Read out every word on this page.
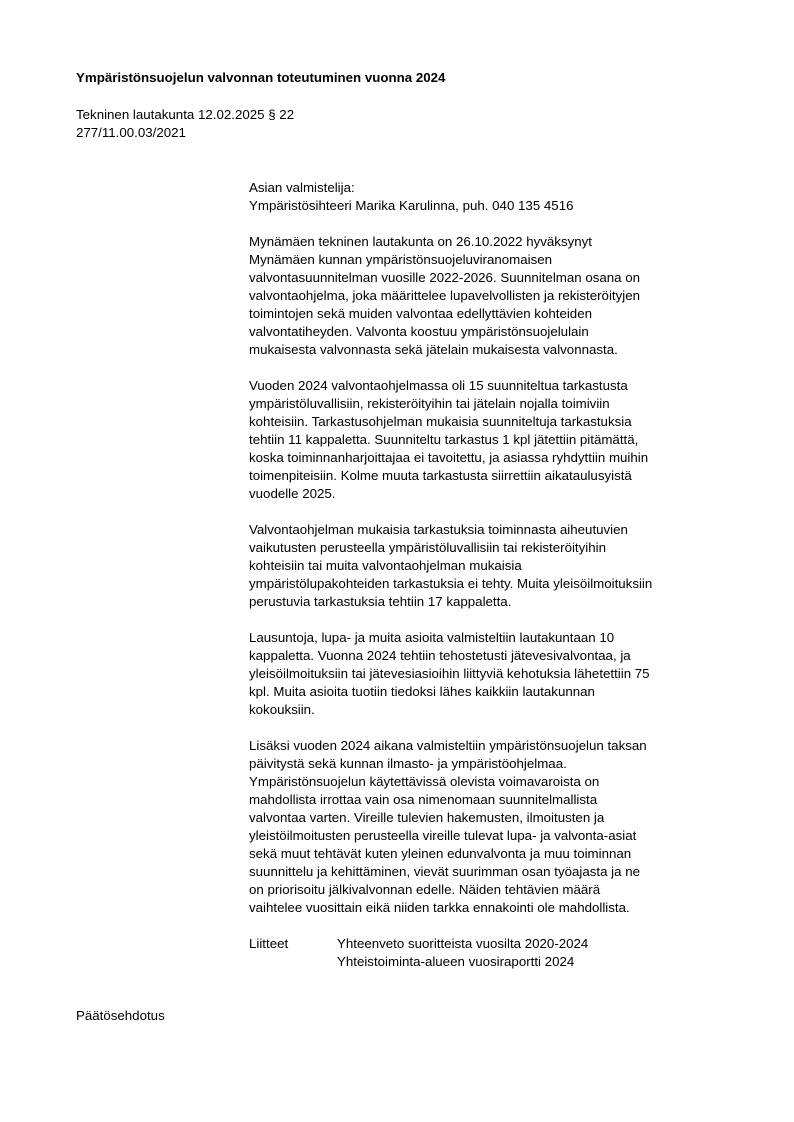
Ympäristönsuojelun valvonnan toteutuminen vuonna 2024
Tekninen lautakunta 12.02.2025 § 22
277/11.00.03/2021
Asian valmistelija:
Ympäristösihteeri Marika Karulinna, puh. 040 135 4516
Mynämäen tekninen lautakunta on 26.10.2022 hyväksynyt
Mynämäen kunnan ympäristönsuojeluviranomaisen
valvontasuunnitelman vuosille 2022-2026. Suunnitelman osana on
valvontaohjelma, joka määrittelee lupavelvollisten ja rekisteröityjen
toimintojen sekä muiden valvontaa edellyttävien kohteiden
valvontatiheyden. Valvonta koostuu ympäristönsuojelulain
mukaisesta valvonnasta sekä jätelain mukaisesta valvonnasta.
Vuoden 2024 valvontaohjelmassa oli 15 suunniteltua tarkastusta
ympäristöluvallisiin, rekisteröityihin tai jätelain nojalla toimiviin
kohteisiin. Tarkastusohjelman mukaisia suunniteltuja tarkastuksia
tehtiin 11 kappaletta. Suunniteltu tarkastus 1 kpl jätettiin pitämättä,
koska toiminnanharjoittajaa ei tavoitettu, ja asiassa ryhdyttiin muihin
toimenpiteisiin. Kolme muuta tarkastusta siirrettiin aikataulusyistä
vuodelle 2025.
Valvontaohjelman mukaisia tarkastuksia toiminnasta aiheutuvien
vaikutusten perusteella ympäristöluvallisiin tai rekisteröityihin
kohteisiin tai muita valvontaohjelman mukaisia
ympäristölupakohteiden tarkastuksia ei tehty. Muita yleisöilmoituksiin
perustuvia tarkastuksia tehtiin 17 kappaletta.
Lausuntoja, lupa- ja muita asioita valmisteltiin lautakuntaan 10
kappaletta. Vuonna 2024 tehtiin tehostetusti jätevesivalvontaa, ja
yleisöilmoituksiin tai jätevesiasioihin liittyviä kehotuksia lähetettiin 75
kpl. Muita asioita tuotiin tiedoksi lähes kaikkiin lautakunnan
kokouksiin.
Lisäksi vuoden 2024 aikana valmisteltiin ympäristönsuojelun taksan
päivitystä sekä kunnan ilmasto- ja ympäristöohjelmaa.
Ympäristönsuojelun käytettävissä olevista voimavaroista on
mahdollista irrottaa vain osa nimenomaan suunnitelmallista
valvontaa varten. Vireille tulevien hakemusten, ilmoitusten ja
yleistöilmoitusten perusteella vireille tulevat lupa- ja valvonta-asiat
sekä muut tehtävät kuten yleinen edunvalvonta ja muu toiminnan
suunnittelu ja kehittäminen, vievät suurimman osan työajasta ja ne
on priorisoitu jälkivalvonnan edelle. Näiden tehtävien määrä
vaihtelee vuosittain eikä niiden tarkka ennakointi ole mahdollista.
Liitteet	Yhteenveto suoritteista vuosilta 2020-2024
Yhteistoiminta-alueen vuosiraportti 2024
Päätösehdotus
